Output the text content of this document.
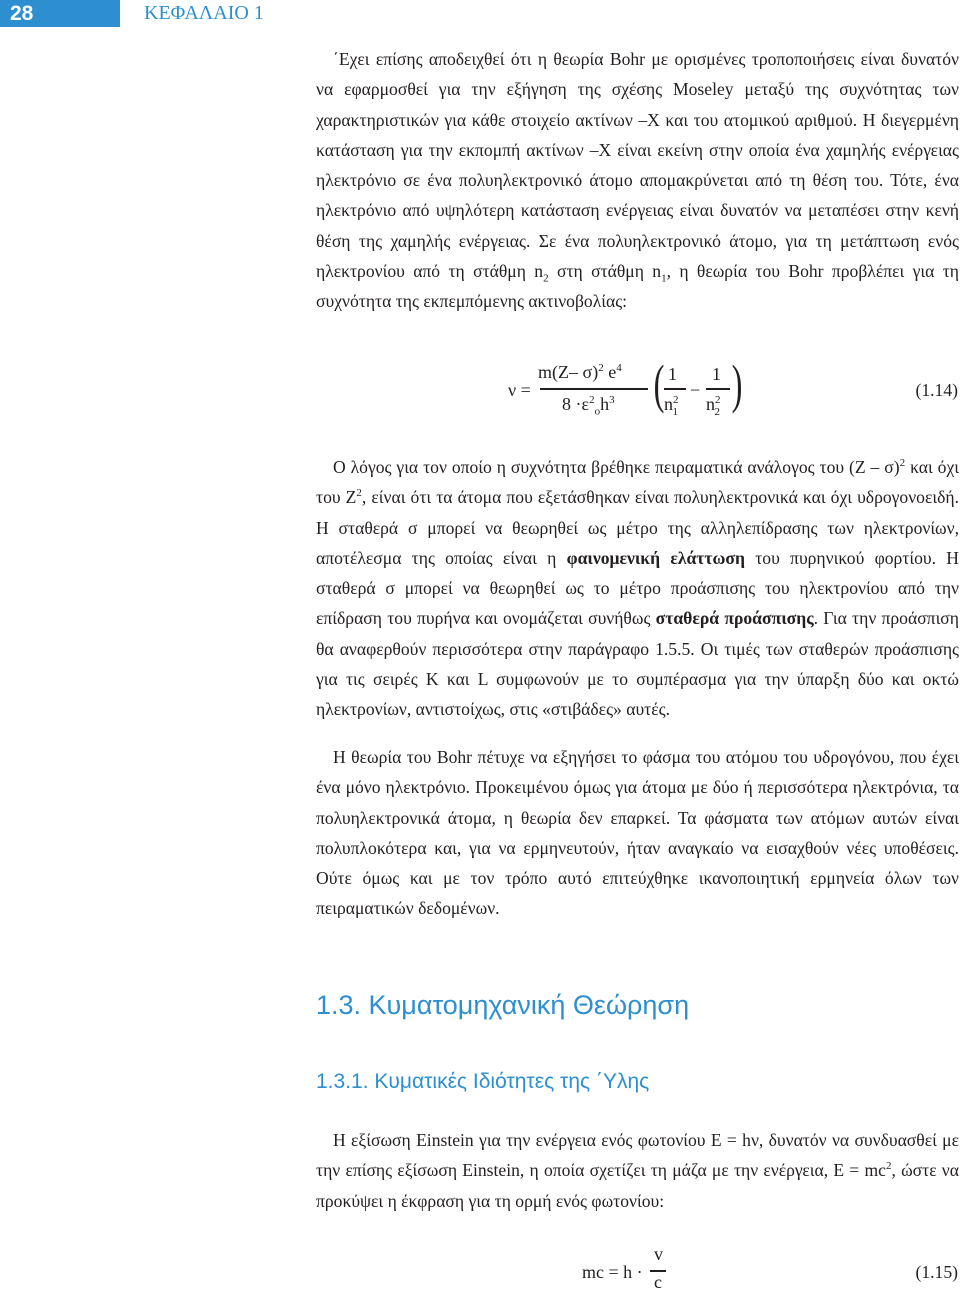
28	ΚΕΦΑΛΑΙΟ 1

΄Εχει επίσης αποδειχθεί ότι η θεωρία Bohr με ορισμένες τροποποιήσεις είναι δυνατόν να εφαρμοσθεί για την εξήγηση της σχέσης Moseley μεταξύ της συχνότητας των χαρακτηριστικών για κάθε στοιχείο ακτίνων –X και του ατομικού αριθμού. Η διεγερμένη κατάσταση για την εκπομπή ακτίνων –X είναι εκείνη στην οποία ένα χαμηλής ενέργειας ηλεκτρόνιο σε ένα πολυηλεκτρονικό άτομο απομακρύνεται από τη θέση του. Τότε, ένα ηλεκτρόνιο από υψηλότερη κατάσταση ενέργειας είναι δυνατόν να μεταπέσει στην κενή θέση της χαμηλής ενέργειας. Σε ένα πολυηλεκτρονικό άτομο, για τη μετάπτωση ενός ηλεκτρονίου από τη στάθμη $n_2$ στη στάθμη $n_1$, η θεωρία του Bohr προβλέπει για τη συχνότητα της εκπεμπόμενης ακτινοβολίας:

ν =
m(Z– σ)$^2$ $e^4$
$8 \cdot\varepsilon^2_oh^3$ ( 1
$n^2_1$
−
1
$n^2_2$ )	(1.14)

Ο λόγος για τον οποίο η συχνότητα βρέθηκε πειραματικά ανάλογος του (Z – σ)$^2$ και όχι του $Z^2$, είναι ότι τα άτομα που εξετάσθηκαν είναι πολυηλεκτρονικά και όχι υδρογονοειδή. Η σταθερά σ μπορεί να θεωρηθεί ως μέτρο της αλληλεπίδρασης των ηλεκτρονίων, αποτέλεσμα της οποίας είναι η φαινομενική ελάττωση του πυρηνικού φορτίου. Η σταθερά σ μπορεί να θεωρηθεί ως το μέτρο προάσπισης του ηλεκτρονίου από την επίδραση του πυρήνα και ονομάζεται συνήθως σταθερά προάσπισης. Για την προάσπιση θα αναφερθούν περισσότερα στην παράγραφο 1.5.5. Οι τιμές των σταθερών προάσπισης για τις σειρές K και L συμφωνούν με το συμπέρασμα για την ύπαρξη δύο και οκτώ ηλεκτρονίων, αντιστοίχως, στις «στιβάδες» αυτές.

Η θεωρία του Bohr πέτυχε να εξηγήσει το φάσμα του ατόμου του υδρογόνου, που έχει ένα μόνο ηλεκτρόνιο. Προκειμένου όμως για άτομα με δύο ή περισσότερα ηλεκτρόνια, τα πολυηλεκτρονικά άτομα, η θεωρία δεν επαρκεί. Τα φάσματα των ατόμων αυτών είναι πολυπλοκότερα και, για να ερμηνευτούν, ήταν αναγκαίο να εισαχθούν νέες υποθέσεις. Ούτε όμως και με τον τρόπο αυτό επιτεύχθηκε ικανοποιητική ερμηνεία όλων των πειραματικών δεδομένων.

1.3. Κυματομηχανική Θεώρηση
1.3.1. Κυματικές Ιδιότητες της ΄Υλης

Η εξίσωση Einstein για την ενέργεια ενός φωτονίου Ε = hν, δυνατόν να συνδυασθεί με την επίσης εξίσωση Einstein, η οποία σχετίζει τη μάζα με την ενέργεια, $E = mc^2$, ώστε να προκύψει η έκφραση για τη ορμή ενός φωτονίου:

mc = h ·
v
c	(1.15)
